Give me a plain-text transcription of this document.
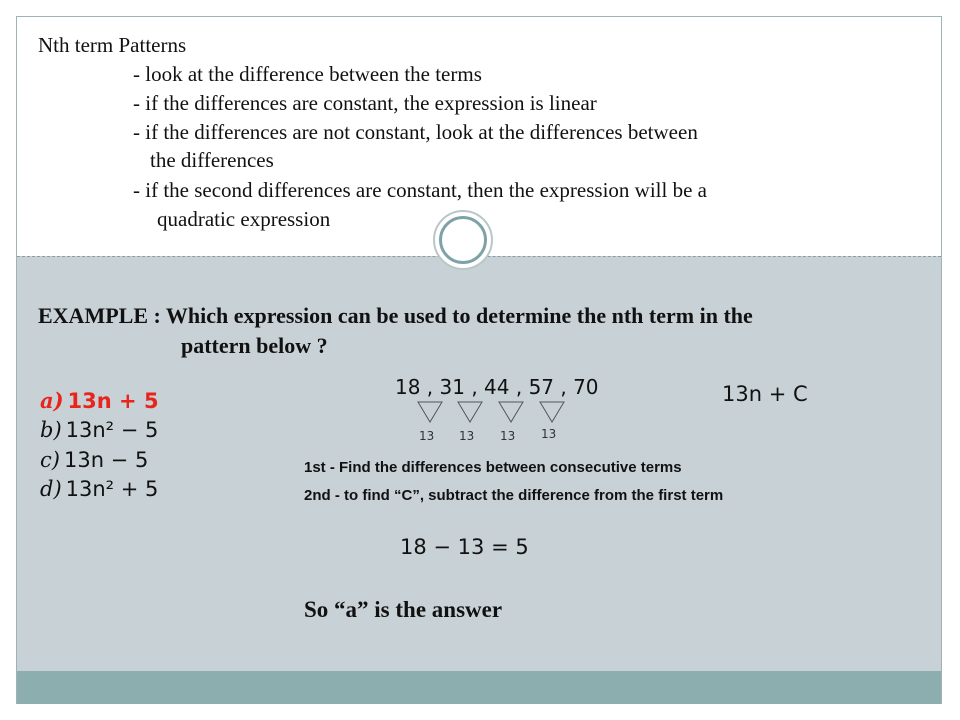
Nth term Patterns
- look at the difference between the terms
- if the differences are constant, the expression is linear
- if the differences are not constant, look at the differences between
the differences
- if the second differences are constant, then the expression will be a
quadratic expression
EXAMPLE : Which expression can be used to determine the nth term in the
pattern below ?
a) 13n + 5
b) 13n² − 5
c) 13n − 5
d) 13n² + 5
18 , 31 , 44 , 57 , 70
13 13 13 13
13n + C
1st - Find the differences between consecutive terms
2nd - to find “C”, subtract the difference from the first term
18 − 13 = 5
So “a” is the answer
